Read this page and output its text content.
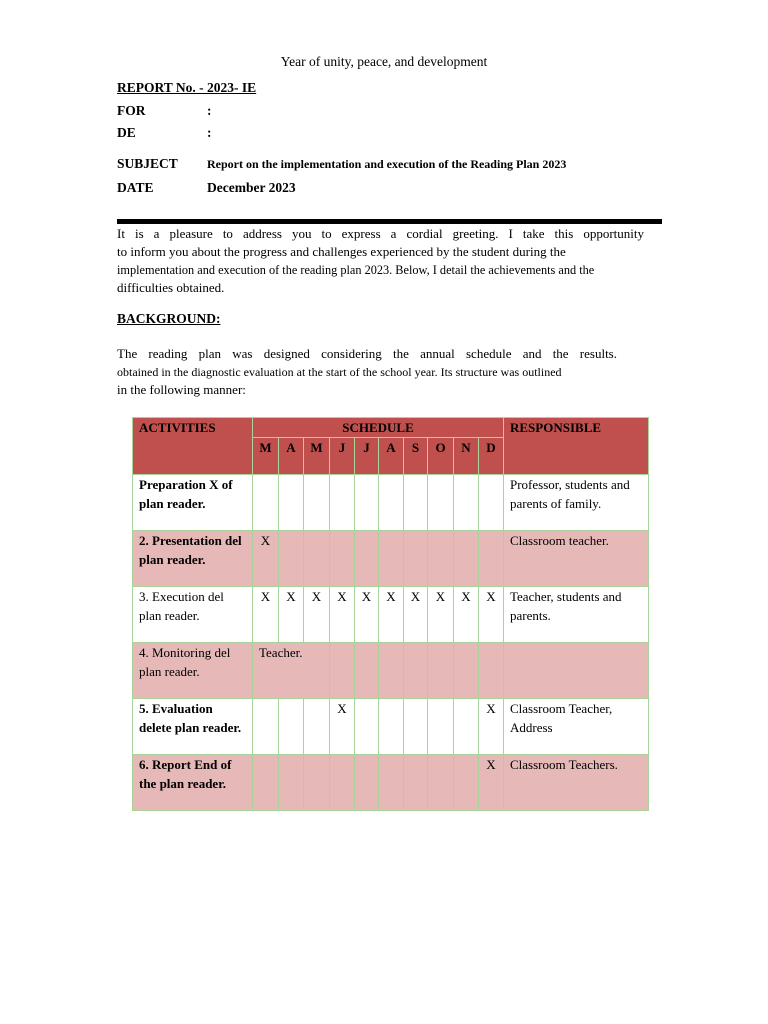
Year of unity, peace, and development
REPORT No. - 2023- IE
FOR	:
DE	:
SUBJECT Report on the implementation and execution of the Reading Plan 2023
DATE	December 2023
It is a pleasure to address you to express a cordial greeting. I take this opportunity
to inform you about the progress and challenges experienced by the student during the
implementation and execution of the reading plan 2023. Below, I detail the achievements and the
difficulties obtained.
BACKGROUND:
The reading plan was designed considering the annual schedule and the results.
obtained in the diagnostic evaluation at the start of the school year. Its structure was outlined
in the following manner:
ACTIVITIES	SCHEDULE										RESPONSIBLE
	M	A	M	J	J	A	S	O	N	D	
Preparation X of plan reader.											Professor, students and parents of family.
2. Presentation del plan reader.	X										Classroom teacher.
3. Execution del plan reader.	X	X	X	X	X	X	X	X	X	X	Teacher, students and parents.
4. Monitoring del plan reader.	Teacher.										
5. Evaluation delete plan reader.				X						X	Classroom Teacher, Address
6. Report End of the plan reader.										X	Classroom Teachers.
